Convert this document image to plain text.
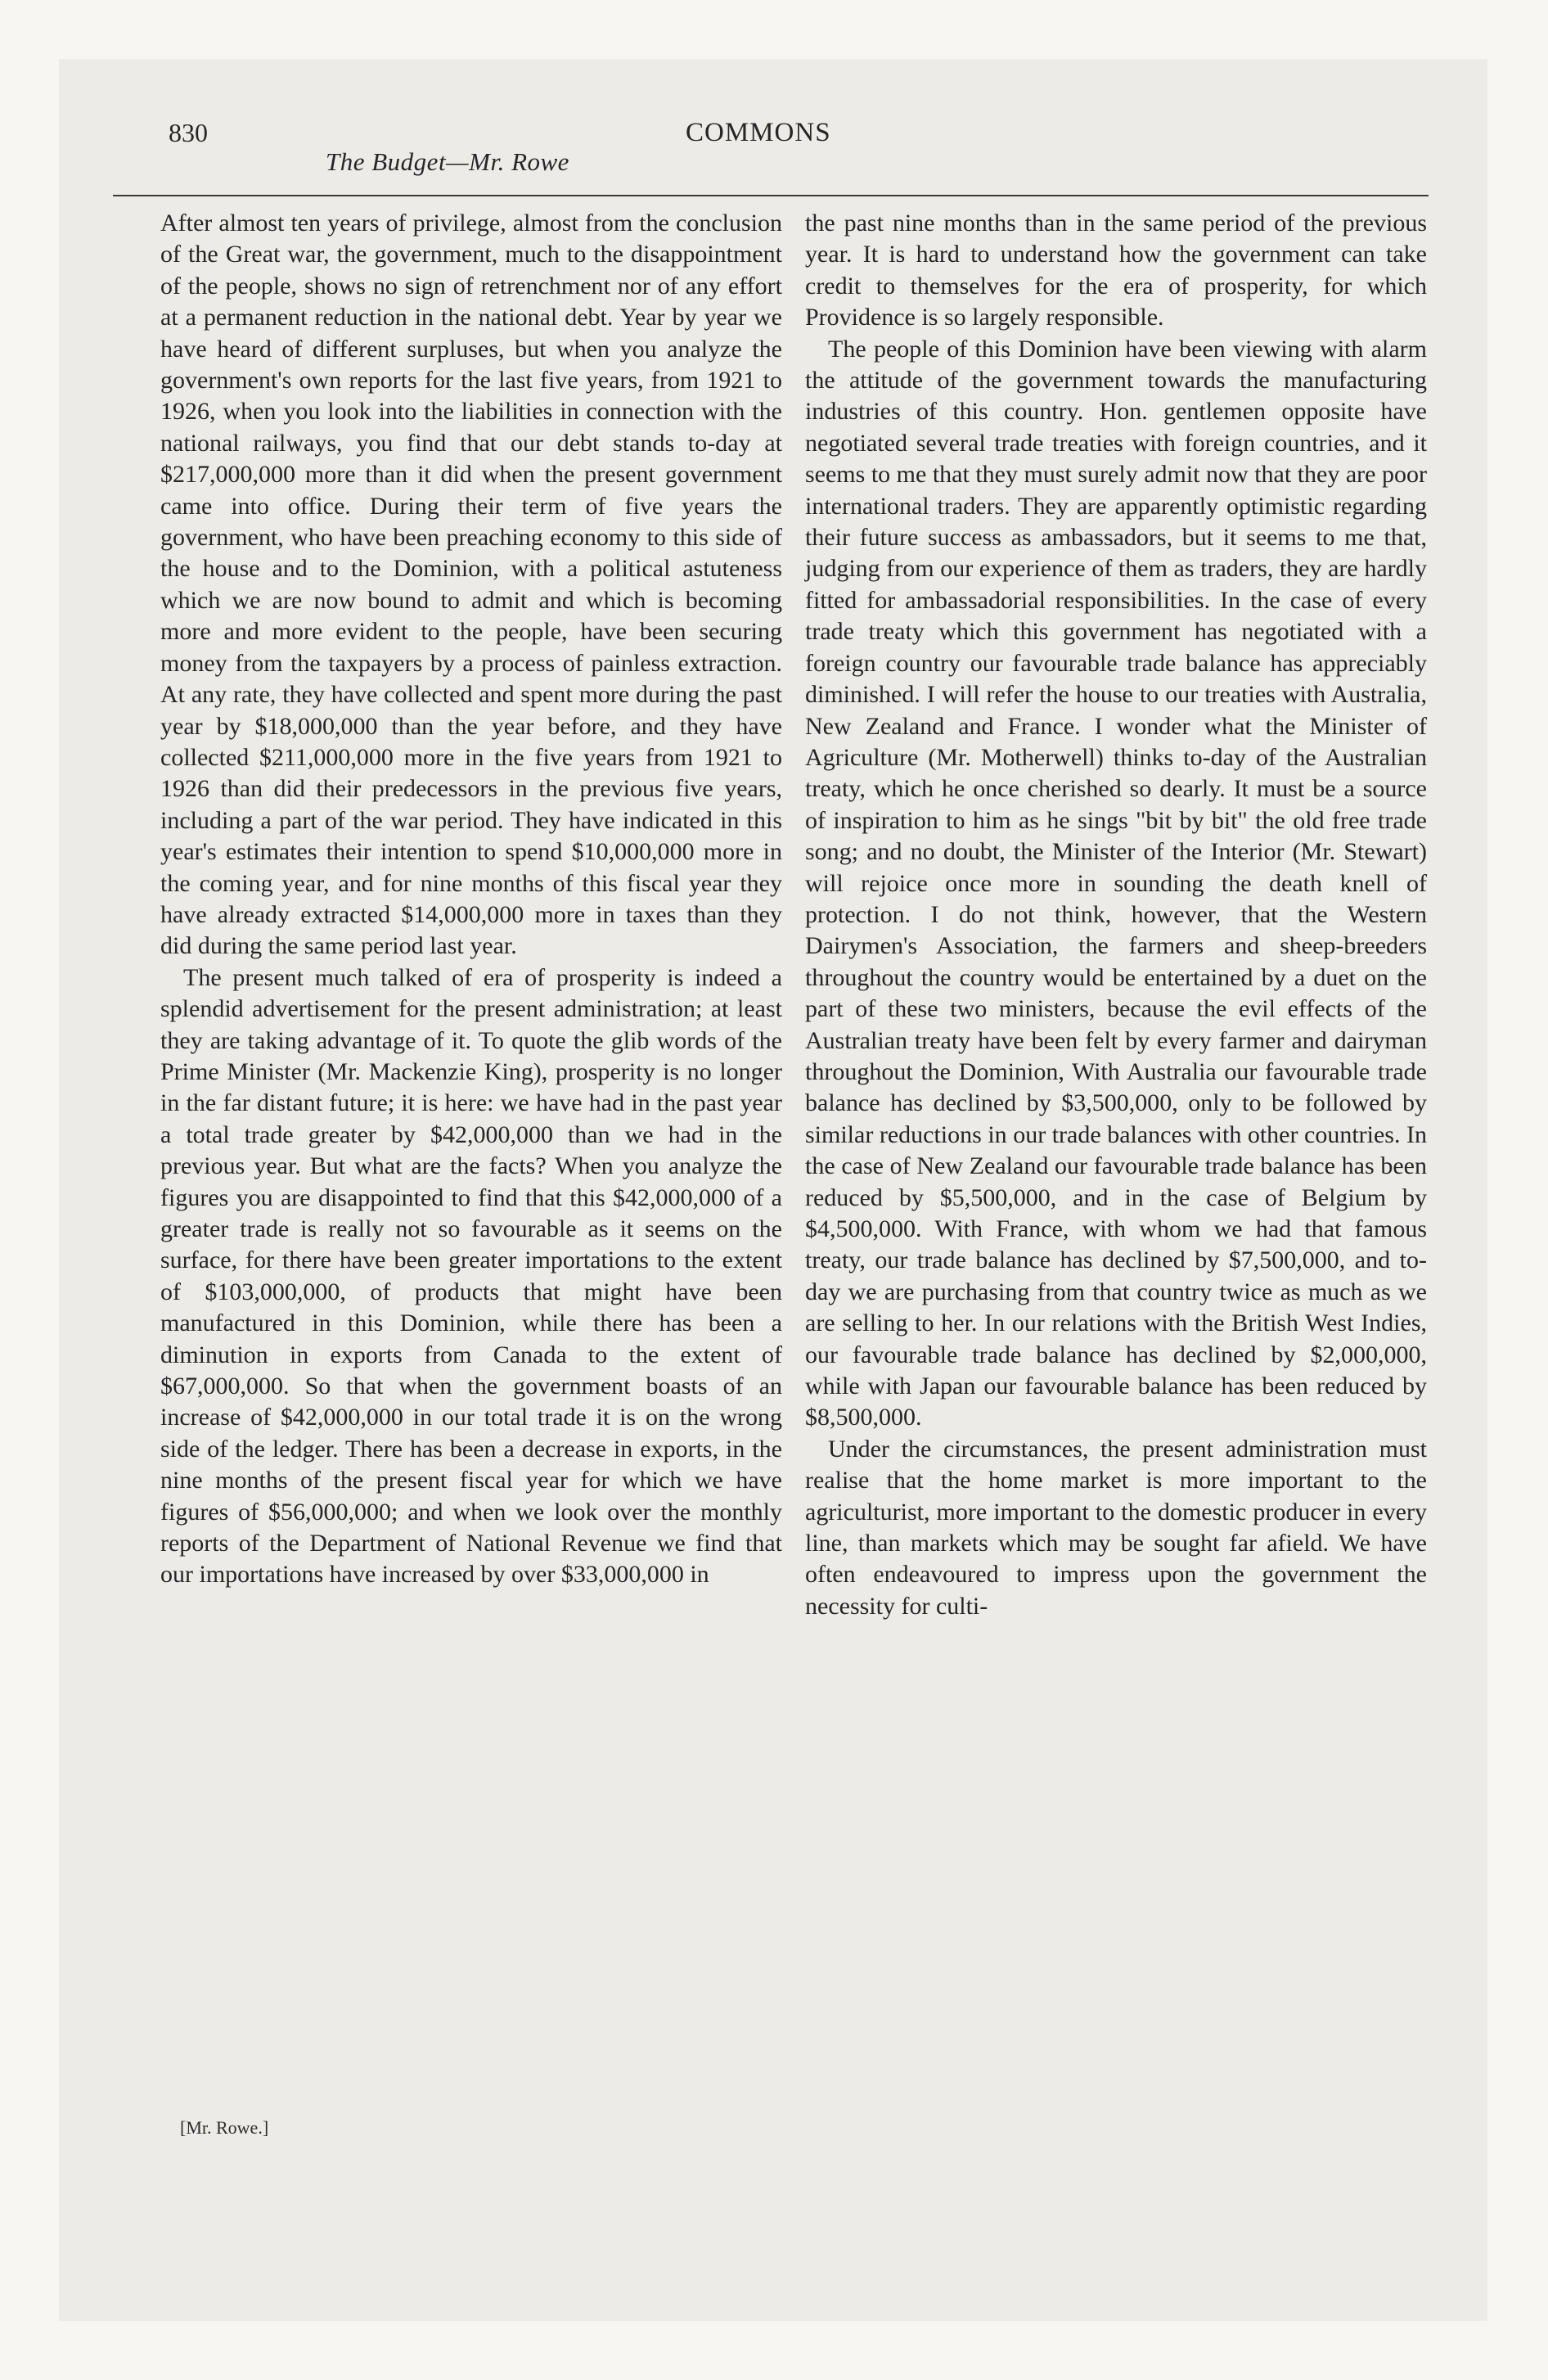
830
The Budget—Mr. Rowe
COMMONS

After almost ten years of privilege, almost from the conclusion of the Great war, the government, much to the disappointment of the people, shows no sign of retrenchment nor of any effort at a permanent reduction in the national debt. Year by year we have heard of different surpluses, but when you analyze the government's own reports for the last five years, from 1921 to 1926, when you look into the liabilities in connection with the national railways, you find that our debt stands to-day at $217,000,000 more than it did when the present government came into office. During their term of five years the government, who have been preaching economy to this side of the house and to the Dominion, with a political astuteness which we are now bound to admit and which is becoming more and more evident to the people, have been securing money from the taxpayers by a process of painless extraction. At any rate, they have collected and spent more during the past year by $18,000,000 than the year before, and they have collected $211,000,000 more in the five years from 1921 to 1926 than did their predecessors in the previous five years, including a part of the war period. They have indicated in this year's estimates their intention to spend $10,000,000 more in the coming year, and for nine months of this fiscal year they have already extracted $14,000,000 more in taxes than they did during the same period last year.

The present much talked of era of prosperity is indeed a splendid advertisement for the present administration; at least they are taking advantage of it. To quote the glib words of the Prime Minister (Mr. Mackenzie King), prosperity is no longer in the far distant future; it is here: we have had in the past year a total trade greater by $42,000,000 than we had in the previous year. But what are the facts? When you analyze the figures you are disappointed to find that this $42,000,000 of a greater trade is really not so favourable as it seems on the surface, for there have been greater importations to the extent of $103,000,000, of products that might have been manufactured in this Dominion, while there has been a diminution in exports from Canada to the extent of $67,000,000. So that when the government boasts of an increase of $42,000,000 in our total trade it is on the wrong side of the ledger. There has been a decrease in exports, in the nine months of the present fiscal year for which we have figures of $56,000,000; and when we look over the monthly reports of the Department of National Revenue we find that our importations have increased by over $33,000,000 in

[Mr. Rowe.]

the past nine months than in the same period of the previous year. It is hard to understand how the government can take credit to themselves for the era of prosperity, for which Providence is so largely responsible.

The people of this Dominion have been viewing with alarm the attitude of the government towards the manufacturing industries of this country. Hon. gentlemen opposite have negotiated several trade treaties with foreign countries, and it seems to me that they must surely admit now that they are poor international traders. They are apparently optimistic regarding their future success as ambassadors, but it seems to me that, judging from our experience of them as traders, they are hardly fitted for ambassadorial responsibilities. In the case of every trade treaty which this government has negotiated with a foreign country our favourable trade balance has appreciably diminished. I will refer the house to our treaties with Australia, New Zealand and France. I wonder what the Minister of Agriculture (Mr. Motherwell) thinks to-day of the Australian treaty, which he once cherished so dearly. It must be a source of inspiration to him as he sings "bit by bit" the old free trade song; and no doubt, the Minister of the Interior (Mr. Stewart) will rejoice once more in sounding the death knell of protection. I do not think, however, that the Western Dairymen's Association, the farmers and sheep-breeders throughout the country would be entertained by a duet on the part of these two ministers, because the evil effects of the Australian treaty have been felt by every farmer and dairyman throughout the Dominion, With Australia our favourable trade balance has declined by $3,500,000, only to be followed by similar reductions in our trade balances with other countries. In the case of New Zealand our favourable trade balance has been reduced by $5,500,000, and in the case of Belgium by $4,500,000. With France, with whom we had that famous treaty, our trade balance has declined by $7,500,000, and to-day we are purchasing from that country twice as much as we are selling to her. In our relations with the British West Indies, our favourable trade balance has declined by $2,000,000, while with Japan our favourable balance has been reduced by $8,500,000.

Under the circumstances, the present administration must realise that the home market is more important to the agriculturist, more important to the domestic producer in every line, than markets which may be sought far afield. We have often endeavoured to impress upon the government the necessity for culti-
